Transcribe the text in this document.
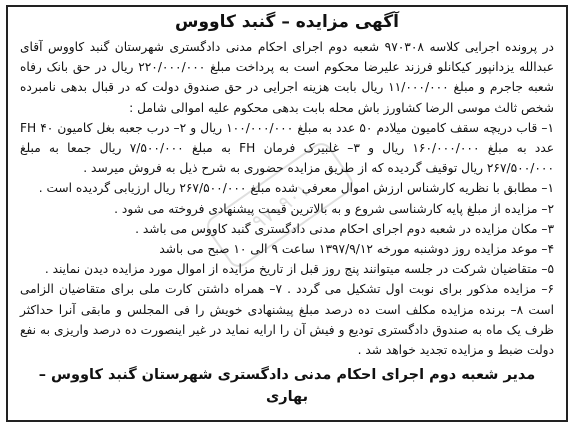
آگهی مزایده – گنبد کاووس

در پرونده اجرایی کلاسه ۹۷۰۳۰۸ شعبه دوم اجرای احکام مدنی دادگستری شهرستان گنبد کاووس آقای عبدالله یزدانپور کیکانلو فرزند علیرضا محکوم است به پرداخت مبلغ ۲۲۰/۰۰۰/۰۰۰ ریال در حق بانک رفاه شعبه جاجرم و مبلغ ۱۱/۰۰۰/۰۰۰ ریال بابت هزینه اجرایی در حق صندوق دولت که در قبال بدهی نامبرده شخص ثالث موسی الرضا کشاورز باش محله بابت بدهی محکوم علیه اموالی شامل :

۱– قاب دریچه سقف کامیون میلادم ۵۰ عدد به مبلغ ۱۰۰/۰۰۰/۰۰۰ ریال و ۲– درب جعبه بغل کامیون FH ۴۰ عدد به مبلغ ۱۶۰/۰۰۰/۰۰۰ ریال و ۳– غلبیرک فرمان FH به مبلغ ۷/۵۰۰/۰۰۰ ریال جمعا به مبلغ ۲۶۷/۵۰۰/۰۰۰ ریال توقیف گردیده که از طریق مزایده حضوری به شرح ذیل به فروش میرسد .

۱– مطابق با نظریه کارشناس ارزش اموال معرفی شده مبلغ ۲۶۷/۵۰۰/۰۰۰ ریال ارزیابی گردیده است .

۲– مزایده از مبلغ پایه کارشناسی شروع و به بالاترین قیمت پیشنهادی فروخته می شود .

۳– مکان مزایده در شعبه دوم اجرای احکام مدنی دادگستری گنبد کاووس می باشد .

۴– موعد مزایده روز دوشنبه مورخه ۱۳۹۷/۹/۱۲ ساعت ۹ الی ۱۰ صبح می باشد

۵– متقاضیان شرکت در جلسه میتوانند پنج روز قبل از تاریخ مزایده از اموال مورد مزایده دیدن نمایند .

۶– مزایده مذکور برای نوبت اول تشکیل می گردد . ۷– همراه داشتن کارت ملی برای متقاضیان الزامی است ۸– برنده مزایده مکلف است ده درصد مبلغ پیشنهادی خویش را فی المجلس و مابقی آنرا حداکثر ظرف یک ماه به صندوق دادگستری تودیع و فیش آن را ارایه نماید در غیر اینصورت ده درصد واریزی به نفع دولت ضبط و مزایده تجدید خواهد شد .

مدیر شعبه دوم اجرای احکام مدنی دادگستری شهرستان گنبد کاووس – بهاری
۹۷۰۹۰۱
